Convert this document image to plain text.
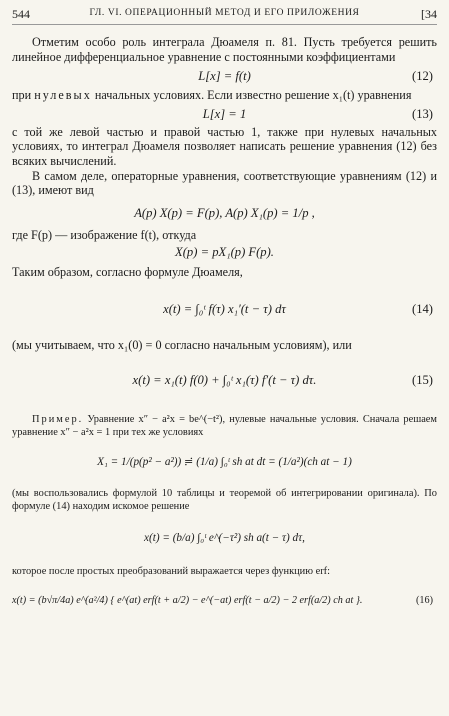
544	ГЛ. VI. ОПЕРАЦИОННЫЙ МЕТОД И ЕГО ПРИЛОЖЕНИЯ	[34

Отметим особо роль интеграла Дюамеля п. 81. Пусть требуется решить линейное дифференциальное уравнение с постоянными коэффициентами

L[x] = f(t)	(12)

при нулевых начальных условиях. Если известно решение x₁(t) уравнения

L[x] = 1	(13)

с той же левой частью и правой частью 1, также при нулевых начальных условиях, то интеграл Дюамеля позволяет написать решение уравнения (12) без всяких вычислений.

В самом деле, операторные уравнения, соответствующие уравнениям (12) и (13), имеют вид

A(p) X(p) = F(p), A(p) X₁(p) = 1/p ,

где F(p) — изображение f(t), откуда

X(p) = pX₁(p) F(p).

Таким образом, согласно формуле Дюамеля,

x(t) = ∫₀ᵗ f(τ) x₁′(t − τ) dτ	(14)

(мы учитываем, что x₁(0) = 0 согласно начальным условиям), или

x(t) = x₁(t) f(0) + ∫₀ᵗ x₁(τ) f′(t − τ) dτ.	(15)

Пример. Уравнение x″ − a²x = be^(−t²), нулевые начальные условия. Сначала решаем уравнение x″ − a²x = 1 при тех же условиях

X₁ = 1/(p(p² − a²)) ≓ (1/a) ∫₀ᵗ sh at dt = (1/a²)(ch at − 1)

(мы воспользовались формулой 10 таблицы и теоремой об интегрировании оригинала). По формуле (14) находим искомое решение

x(t) = (b/a) ∫₀ᵗ e^(−τ²) sh a(t − τ) dτ,

которое после простых преобразований выражается через функцию erf:

x(t) = (b√π/4a) e^(a²/4) { e^(at) erf(t + a/2) − e^(−at) erf(t − a/2) − 2 erf(a/2) ch at }.	(16)
